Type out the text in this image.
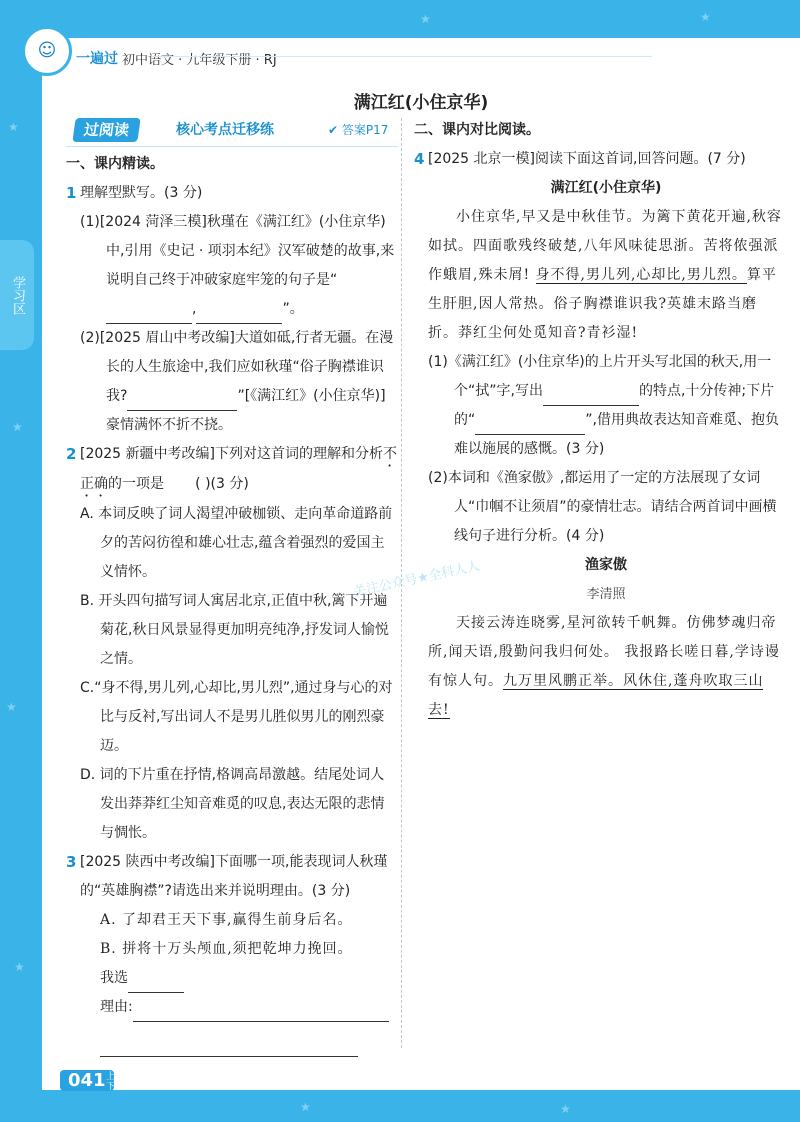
☺	一遍过 初中语文 · 九年级下册 · RJ
满江红(小住京华)
过阅读	核心考点迁移练	✔ 答案P17
一、课内精读。
1 理解型默写。(3 分)
(1)[2024 菏泽三模]秋瑾在《满江红》(小住京华)中,引用《史记 · 项羽本纪》汉军破楚的故事,来说明自己终于冲破家庭牢笼的句子是“,	”。
(2)[2025 眉山中考改编]大道如砥,行者无疆。在漫长的人生旅途中,我们应如秋瑾“俗子胸襟谁识我?	”[《满江红》(小住京华)]豪情满怀不折不挠。
2 [2025 新疆中考改编]下列对这首词的理解和分析不正确的一项是 ( )(3 分)
A. 本词反映了词人渴望冲破枷锁、走向革命道路前夕的苦闷彷徨和雄心壮志,蕴含着强烈的爱国主义情怀。
B. 开头四句描写词人寓居北京,正值中秋,篱下开遍菊花,秋日风景显得更加明亮纯净,抒发词人愉悦之情。
C.“身不得,男儿列,心却比,男儿烈”,通过身与心的对比与反衬,写出词人不是男儿胜似男儿的刚烈豪迈。
D. 词的下片重在抒情,格调高昂激越。结尾处词人发出莽莽红尘知音难觅的叹息,表达无限的悲情与惆怅。
3 [2025 陕西中考改编]下面哪一项,能表现词人秋瑾的“英雄胸襟”?请选出来并说明理由。(3 分)
A. 了却君王天下事,赢得生前身后名。
B. 拼将十万头颅血,须把乾坤力挽回。
我选
理由:
二、课内对比阅读。
4 [2025 北京一模]阅读下面这首词,回答问题。(7 分)
满江红(小住京华)
小住京华,早又是中秋佳节。为篱下黄花开遍,秋容如拭。四面歌残终破楚,八年风味徒思浙。苦将侬强派作蛾眉,殊未屑! 身不得,男儿列,心却比,男儿烈。算平生肝胆,因人常热。俗子胸襟谁识我?英雄末路当磨折。莽红尘何处觅知音?青衫湿!
(1)《满江红》(小住京华)的上片开头写北国的秋天,用一个“拭”字,写出	的特点,十分传神;下片的“	”,借用典故表达知音难觅、抱负难以施展的感慨。(3 分)
(2)本词和《渔家傲》,都运用了一定的方法展现了女词人“巾帼不让须眉”的豪情壮志。请结合两首词中画横线句子进行分析。(4 分)
渔家傲
李清照
天接云涛连晓雾,星河欲转千帆舞。仿佛梦魂归帝所,闻天语,殷勤问我归何处。 我报路长嗟日暮,学诗谩有惊人句。九万里风鹏正举。风休住,蓬舟吹取三山去!
关注公众号★全科人人
学习区
041 上课认真听
下课练天天
★
★
★
★
★	★
★	★
